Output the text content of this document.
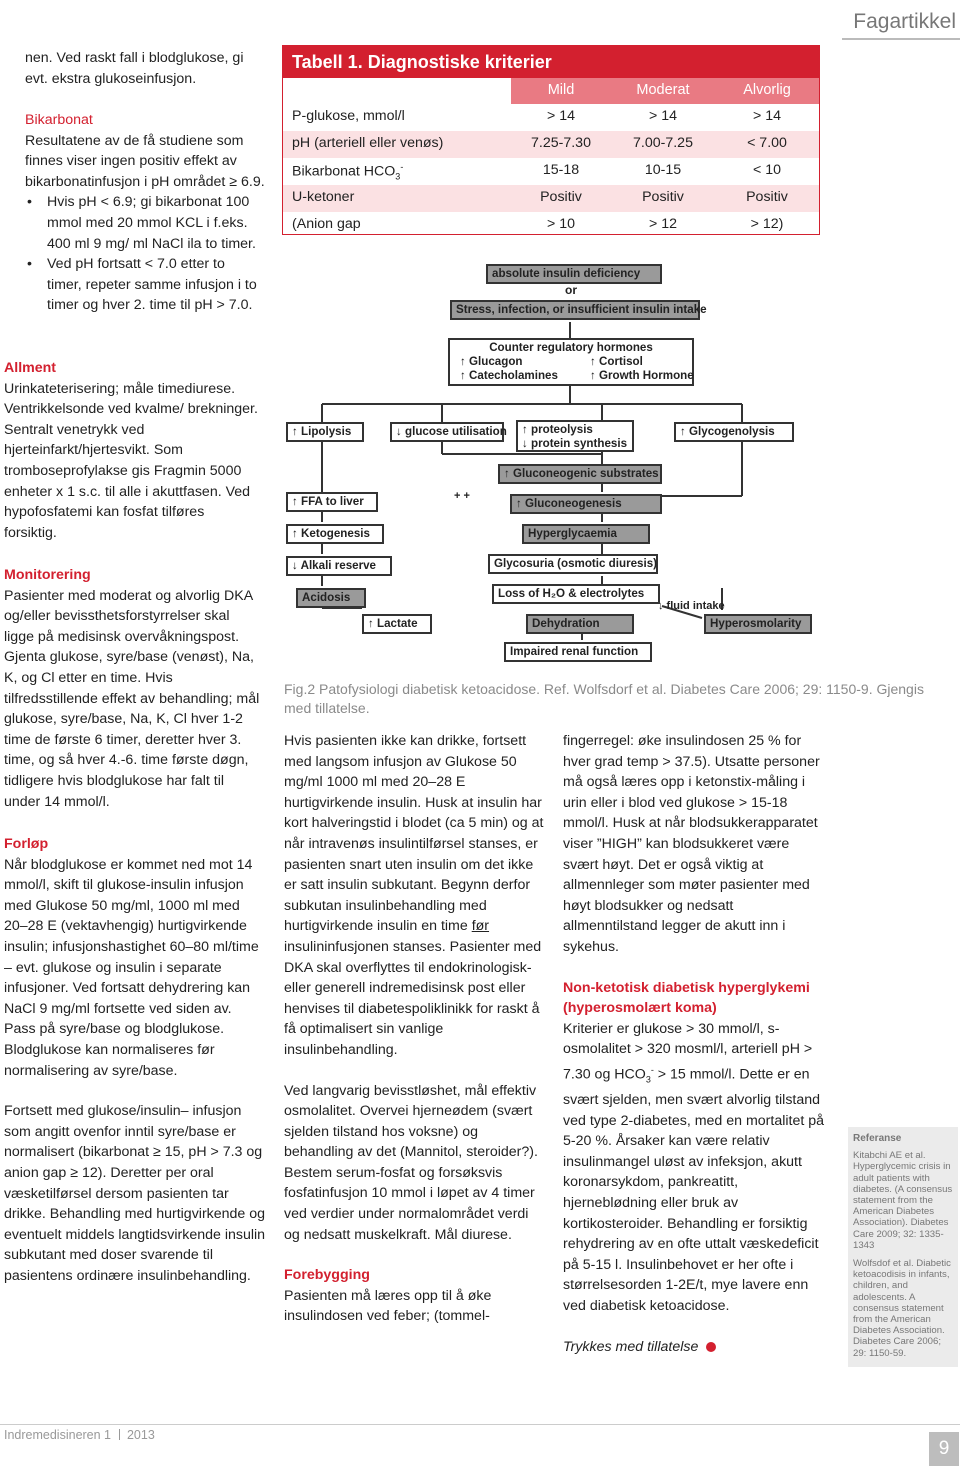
Fagartikkel
nen. Ved raskt fall i blodglukose, gi evt. ekstra glukoseinfusjon.
Bikarbonat
Resultatene av de få studiene som finnes viser ingen positiv effekt av bikarbonatinfusjon i pH området ≥ 6.9.
• Hvis pH < 6.9; gi bikarbonat 100 mmol med 20 mmol KCL i f.eks. 400 ml 9 mg/ ml NaCl ila to timer.
• Ved pH fortsatt < 7.0 etter to timer, repeter samme infusjon i to timer og hver 2. time til pH > 7.0.
Allment
Urinkateterisering; måle timediurese. Ventrikkelsonde ved kvalme/ brekninger. Sentralt venetrykk ved hjerteinfarkt/hjertesvikt. Som tromboseprofylakse gis Fragmin 5000 enheter x 1 s.c. til alle i akuttfasen. Ved hypofosfatemi kan fosfat tilføres forsiktig.
Monitorering
Pasienter med moderat og alvorlig DKA og/eller bevissthetsforstyrrelser skal ligge på medisinsk overvåkningspost. Gjenta glukose, syre/base (venøst), Na, K, og Cl etter en time. Hvis tilfredsstillende effekt av behandling; mål glukose, syre/base, Na, K, Cl hver 1-2 time de første 6 timer, deretter hver 3. time, og så hver 4.-6. time første døgn, tidligere hvis blodglukose har falt til under 14 mmol/l.
Forløp
Når blodglukose er kommet ned mot 14 mmol/l, skift til glukose-insulin infusjon med Glukose 50 mg/ml, 1000 ml med 20–28 E (vektavhengig) hurtigvirkende insulin; infusjonshastighet 60–80 ml/time – evt. glukose og insulin i separate infusjoner. Ved fortsatt dehydrering kan NaCl 9 mg/ml fortsette ved siden av. Pass på syre/base og blodglukose. Blodglukose kan normaliseres før normalisering av syre/base.
Fortsett med glukose/insulin– infusjon som angitt ovenfor inntil syre/base er normalisert (bikarbonat ≥ 15, pH > 7.3 og anion gap ≥ 12). Deretter per oral væsketilførsel dersom pasienten tar drikke. Behandling med hurtigvirkende og eventuelt middels langtidsvirkende insulin subkutant med doser svarende til pasientens ordinære insulinbehandling.
Tabell 1. Diagnostiske kriterier
Mild	Moderat	Alvorlig
P-glukose, mmol/l	> 14	> 14	> 14
pH (arteriell eller venøs)	7.25-7.30	7.00-7.25	< 7.00
Bikarbonat $HCO_3^-$	15-18	10-15	< 10
U-ketoner	Positiv	Positiv	Positiv
(Anion gap	> 10	> 12	> 12)
absolute insulin deficiency
or
Stress, infection, or insufficient insulin intake
Counter regulatory hormones
↑ Glucagon	↑ Cortisol
↑ Catecholamines	↑ Growth Hormone
↑ Lipolysis	↓ glucose utilisation ↑ proteolysis
↓ protein synthesis
↑ Glycogenolysis
↑ Gluconeogenic substrates
↑ FFA to liver	+ +
↑ Gluconeogenesis
↑ Ketogenesis	Hyperglycaemia
↓ Alkali reserve	Glycosuria (osmotic diuresis)
Acidosis	Loss of H₂O & electrolytes
↓ fluid intake
↑ Lactate	Dehydration	Hyperosmolarity
Impaired renal function
Fig.2 Patofysiologi diabetisk ketoacidose. Ref. Wolfsdorf et al. Diabetes Care 2006; 29: 1150-9. Gjengis med tillatelse.
Hvis pasienten ikke kan drikke, fortsett med langsom infusjon av Glukose 50 mg/ml 1000 ml med 20–28 E hurtigvirkende insulin. Husk at insulin har kort halveringstid i blodet (ca 5 min) og at når intravenøs insulintilførsel stanses, er pasienten snart uten insulin om det ikke er satt insulin subkutant. Begynn derfor subkutan insulinbehandling med hurtigvirkende insulin en time før insulininfusjonen stanses. Pasienter med DKA skal overflyttes til endokrinologisk- eller generell indremedisinsk post eller henvises til diabetespoliklinikk for raskt å få optimalisert sin vanlige insulinbehandling.
Ved langvarig bevisstløshet, mål effektiv osmolalitet. Overvei hjerneødem (svært sjelden tilstand hos voksne) og behandling av det (Mannitol, steroider?). Bestem serum-fosfat og forsøksvis fosfatinfusjon 10 mmol i løpet av 4 timer ved verdier under normalområdet verdi og nedsatt muskelkraft. Mål diurese.
Forebygging
Pasienten må læres opp til å øke insulindosen ved feber; (tommel-
fingerregel: øke insulindosen 25 % for hver grad temp > 37.5). Utsatte personer må også læres opp i ketonstix-måling i urin eller i blod ved glukose > 15-18 mmol/l. Husk at når blodsukkerapparatet viser ”HIGH” kan blodsukkeret være svært høyt. Det er også viktig at allmennleger som møter pasienter med høyt blodsukker og nedsatt allmenntilstand legger de akutt inn i sykehus.
Non-ketotisk diabetisk hyperglykemi (hyperosmolært koma)
Kriterier er glukose > 30 mmol/l, s-osmolalitet > 320 mosml/l, arteriell pH > 7.30 og $HCO_3^- > 15$ mmol/l. Dette er en svært sjelden, men svært alvorlig tilstand ved type 2-diabetes, med en mortalitet på 5-20 %. Årsaker kan være relativ insulinmangel uløst av infeksjon, akutt koronarsykdom, pankreatitt, hjerneblødning eller bruk av kortikosteroider. Behandling er forsiktig rehydrering av en ofte uttalt væskedeficit på 5-15 l. Insulinbehovet er her ofte i størrelsesorden 1-2E/t, mye lavere enn ved diabetisk ketoacidose.
Trykkes med tillatelse
Referanse
Kitabchi AE et al. Hyperglycemic crisis in adult patients with diabetes. (A consensus statement from the American Diabetes Association). Diabetes Care 2009; 32: 1335-1343
Wolfsdof et al. Diabetic ketoacodisis in infants, children, and adolescents. A consensus statement from the American Diabetes Association. Diabetes Care 2006; 29: 1150-59.
Indremedisineren 1 2013
9
